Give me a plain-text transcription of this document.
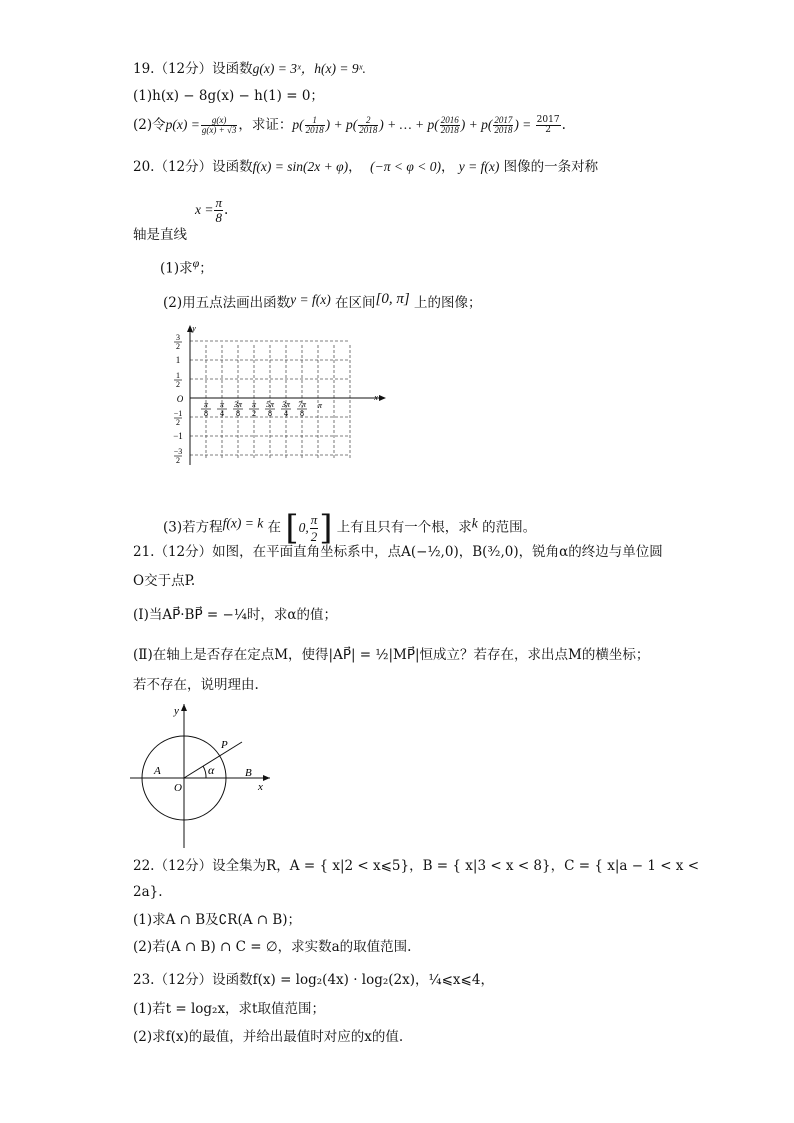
19.（12分）设函数g(x) = 3ˣ，h(x) = 9ˣ.
(1)h(x) − 8g(x) − h(1) = 0；
(2)令$p(x) = \frac{g(x)}{g(x) + √3}$ ，求证：$p( \frac{1}{2018}$ ) + $p( \frac{2}{2018}$ ) + … + $p( \frac{2016}{2018}$ ) + $p( \frac{2017}{2018}$ ) = $\frac{2017}{2}$ .
20.（12分）设函数f(x) = sin(2x + φ)， (−π < φ < 0)， y = f(x) 图像的一条对称
$x = \frac{\pi}{8}$ .
轴是直线
(1)求φ；
(2)用五点法画出函数y = f(x) 在区间[0, π] 上的图像；
y
x
O
3
2
1
1
2
−1
2
−1
−3
2
π
8
π
4
3π
8
π
2
5π
8
3π
4
7π
8
π
(3)若方程f(x) = k 在 [0, $\frac{\pi}{2}$ ] 上有且只有一个根，求k 的范围。
21.（12分）如图，在平面直角坐标系中，点A(−½,0)，B(³⁄₂,0)，锐角α的终边与单位圆
O交于点P.
(Ⅰ)当AP⃗·BP⃗ = −¼时，求α的值；
(Ⅱ)在轴上是否存在定点M，使得|AP⃗| = ½|MP⃗|恒成立？若存在，求出点M的横坐标；
若不存在，说明理由.
y
x
O
A	B
P
α
22.（12分）设全集为R，A = { x|2 < x⩽5}，B = { x|3 < x < 8}，C = { x|a − 1 < x <
2a}.
(1)求A ∩ B及∁R(A ∩ B)；
(2)若(A ∩ B) ∩ C = ∅，求实数a的取值范围.
23.（12分）设函数f(x) = log₂(4x) · log₂(2x)，¼⩽x⩽4，
(1)若t = log₂x，求t取值范围；
(2)求f(x)的最值，并给出最值时对应的x的值.
